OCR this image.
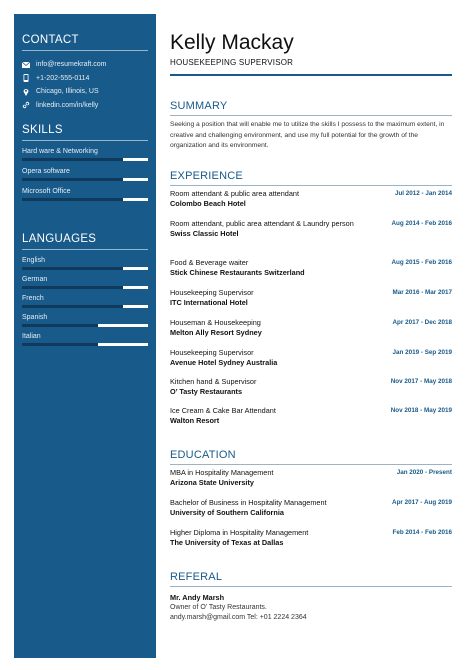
CONTACT
info@resumekraft.com
+1-202-555-0114
Chicago, Illinois, US
linkedin.com/in/kelly
SKILLS
Hard ware & Networking
Opera software
Microsoft Office
LANGUAGES
English
German
French
Spanish
Italian
Kelly Mackay
HOUSEKEEPING SUPERVISOR
SUMMARY
Seeking a position that will enable me to utilize the skills I possess to the maximum extent, in creative and challenging environment, and use my full potential for the growth of the organization and its environment.
EXPERIENCE
Room attendant & public area attendant
Colombo Beach Hotel
Jul 2012 - Jan 2014
Room attendant, public area attendant & Laundry person
Swiss Classic Hotel
Aug 2014 - Feb 2016
Food & Beverage waiter
Stick Chinese Restaurants Switzerland
Aug 2015 - Feb 2016
Housekeeping Supervisor
ITC International Hotel
Mar 2016 - Mar 2017
Houseman & Housekeeping
Melton Ally Resort Sydney
Apr 2017 - Dec 2018
Housekeeping Supervisor
Avenue Hotel Sydney Australia
Jan 2019 - Sep 2019
Kitchen hand & Supervisor
O’ Tasty Restaurants
Nov 2017 - May 2018
Ice Cream & Cake Bar Attendant
Walton Resort
Nov 2018 - May 2019
EDUCATION
MBA in Hospitality Management
Arizona State University
Jan 2020 - Present
Bachelor of Business in Hospitality Management
University of Southern California
Apr 2017 - Aug 2019
Higher Diploma in Hospitality Management
The University of Texas at Dallas
Feb 2014 - Feb 2016
REFERAL
Mr. Andy Marsh
Owner of O’ Tasty Restaurants.
andy.marsh@gmail.com Tel: +01 2224 2364
